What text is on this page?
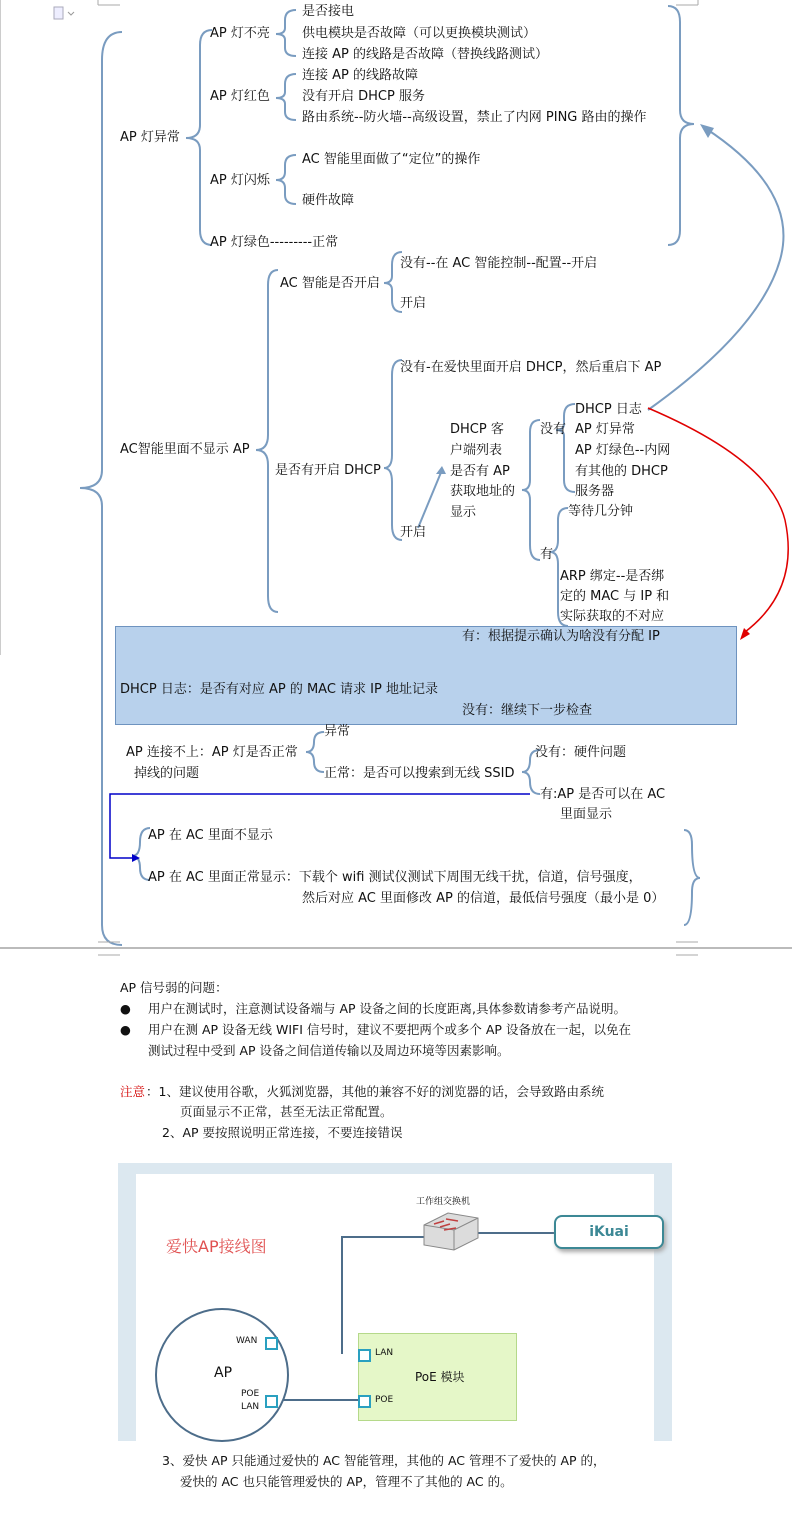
AP 灯异常
AP 灯不亮
是否接电
供电模块是否故障（可以更换模块测试）
连接 AP 的线路是否故障（替换线路测试）
AP 灯红色
连接 AP 的线路故障
没有开启 DHCP 服务
路由系统--防火墙--高级设置，禁止了内网 PING 路由的操作
AP 灯闪烁
AC 智能里面做了“定位”的操作
硬件故障
AP 灯绿色---------正常
AC智能里面不显示 AP
AC 智能是否开启
没有--在 AC 智能控制--配置--开启
开启
是否有开启 DHCP
没有-在爱快里面开启 DHCP，然后重启下 AP
开启
DHCP 客
户端列表
是否有 AP
获取地址的
显示
没有
有
DHCP 日志
AP 灯异常
AP 灯绿色--内网
有其他的 DHCP
服务器
等待几分钟
ARP 绑定--是否绑
定的 MAC 与 IP 和
实际获取的不对应
DHCP 日志：是否有对应 AP 的 MAC 请求 IP 地址记录
有：根据提示确认为啥没有分配 IP
没有：继续下一步检查
AP 连接不上：AP 灯是否正常
掉线的问题
异常
正常：是否可以搜索到无线 SSID
没有：硬件问题
有:AP 是否可以在 AC
里面显示
AP 在 AC 里面不显示
AP 在 AC 里面正常显示：下载个 wifi 测试仪测试下周围无线干扰，信道，信号强度，
然后对应 AC 里面修改 AP 的信道，最低信号强度（最小是 0）
AP 信号弱的问题：
● 用户在测试时，注意测试设备端与 AP 设备之间的长度距离,具体参数请参考产品说明。
● 用户在测 AP 设备无线 WIFI 信号时，建议不要把两个或多个 AP 设备放在一起，以免在
测试过程中受到 AP 设备之间信道传输以及周边环境等因素影响。
注意 ：1、建议使用谷歌，火狐浏览器，其他的兼容不好的浏览器的话，会导致路由系统
页面显示不正常，甚至无法正常配置。
2、AP 要按照说明正常连接，不要连接错误
爱快AP接线图
工作组交换机
iKuai
AP
WAN
POE
LAN
PoE 模块
LAN
POE
3、爱快 AP 只能通过爱快的 AC 智能管理，其他的 AC 管理不了爱快的 AP 的，
爱快的 AC 也只能管理爱快的 AP，管理不了其他的 AC 的。
